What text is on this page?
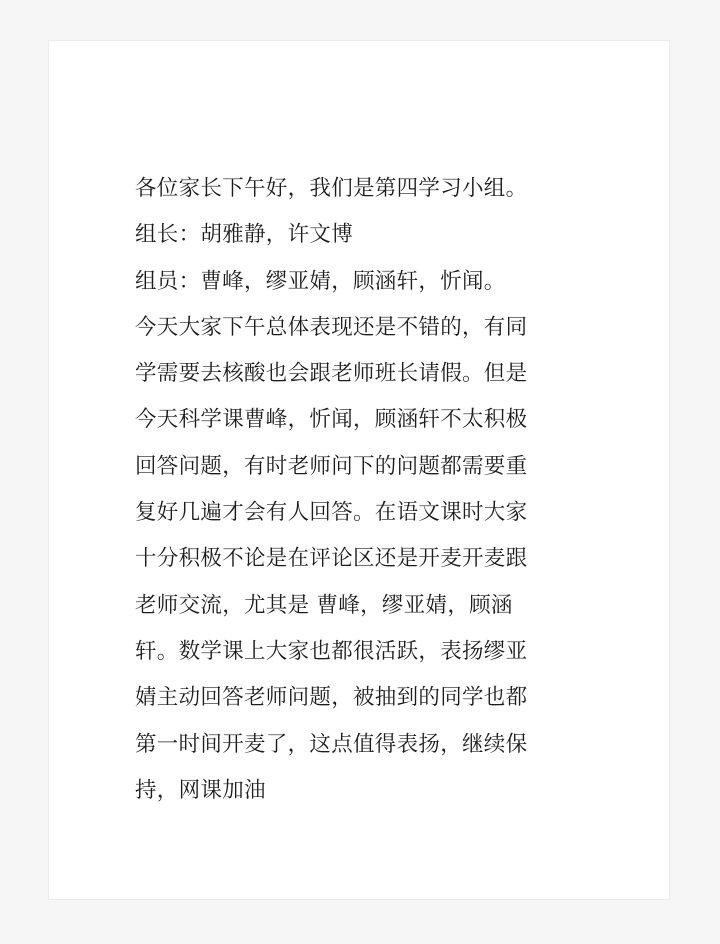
各位家长下午好，我们是第四学习小组。
组长：胡雅静，许文博
组员：曹峰，缪亚婧，顾涵轩，忻闻。
今天大家下午总体表现还是不错的，有同
学需要去核酸也会跟老师班长请假。但是
今天科学课曹峰，忻闻，顾涵轩不太积极
回答问题，有时老师问下的问题都需要重
复好几遍才会有人回答。在语文课时大家
十分积极不论是在评论区还是开麦开麦跟
老师交流，尤其是 曹峰，缪亚婧，顾涵
轩。数学课上大家也都很活跃，表扬缪亚
婧主动回答老师问题，被抽到的同学也都
第一时间开麦了，这点值得表扬，继续保
持，网课加油
